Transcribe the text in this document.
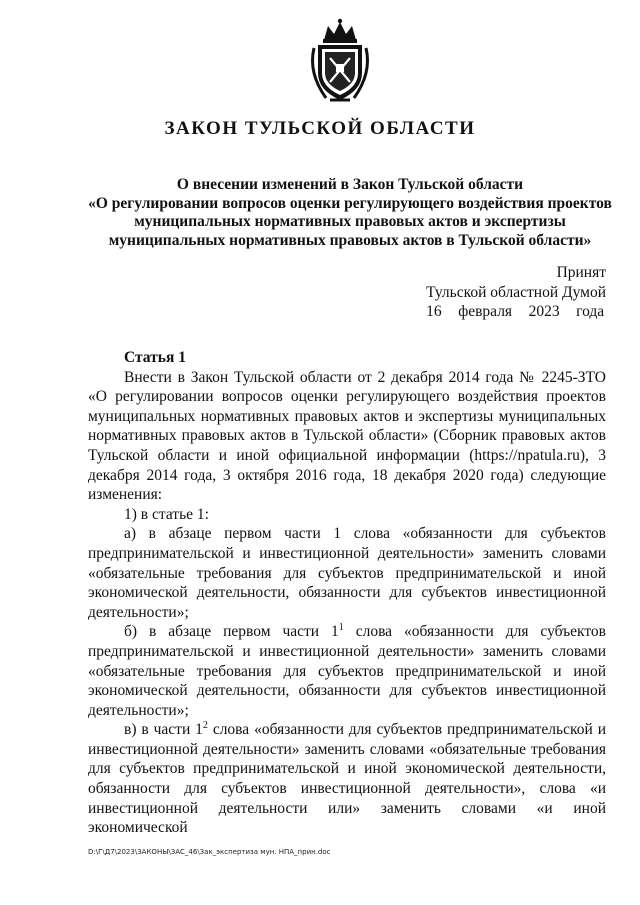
ЗАКОН ТУЛЬСКОЙ ОБЛАСТИ
О внесении изменений в Закон Тульской области
«О регулировании вопросов оценки регулирующего воздействия проектов
муниципальных нормативных правовых актов и экспертизы
муниципальных нормативных правовых актов в Тульской области»
Принят
Тульской областной Думой
16 февраля 2023 года

Статья 1

Внести в Закон Тульской области от 2 декабря 2014 года № 2245-ЗТО «О регулировании вопросов оценки регулирующего воздействия проектов муниципальных нормативных правовых актов и экспертизы муниципальных нормативных правовых актов в Тульской области» (Сборник правовых актов Тульской области и иной официальной информации (https://npatula.ru), 3 декабря 2014 года, 3 октября 2016 года, 18 декабря 2020 года) следующие изменения:

1) в статье 1:

а) в абзаце первом части 1 слова «обязанности для субъектов предпринимательской и инвестиционной деятельности» заменить словами «обязательные требования для субъектов предпринимательской и иной экономической деятельности, обязанности для субъектов инвестиционной деятельности»;

б) в абзаце первом части $1^1$ слова «обязанности для субъектов предпринимательской и инвестиционной деятельности» заменить словами «обязательные требования для субъектов предпринимательской и иной экономической деятельности, обязанности для субъектов инвестиционной деятельности»;

в) в части $1^2$ слова «обязанности для субъектов предпринимательской и инвестиционной деятельности» заменить словами «обязательные требования для субъектов предпринимательской и иной экономической деятельности, обязанности для субъектов инвестиционной деятельности», слова «и инвестиционной деятельности или» заменить словами «и иной экономической

D:\Г\Д7\2023\ЗАКОНЫ\ЗАС_46\Зак_экспертиза мун. НПА_прин.doc
